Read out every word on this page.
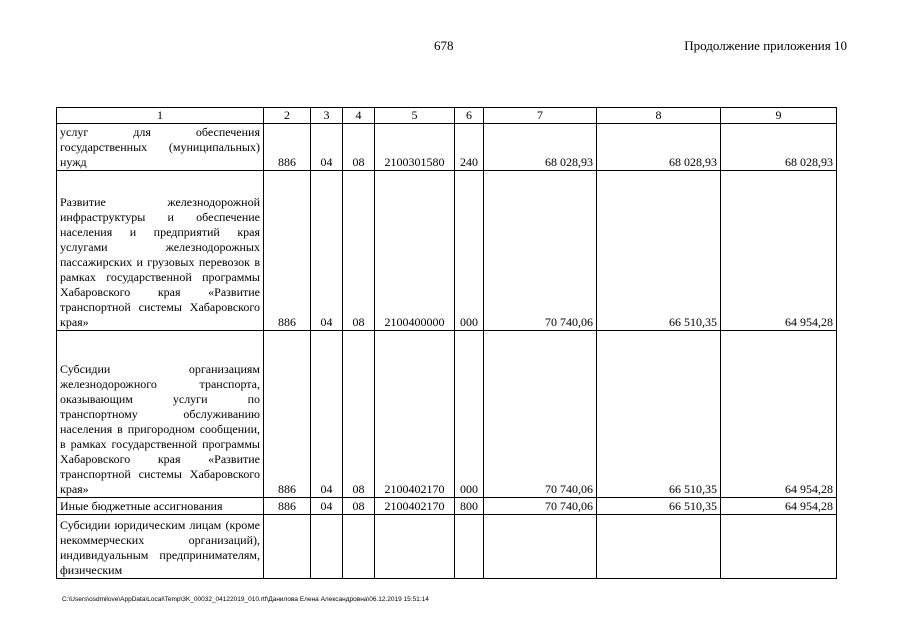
678	Продолжение приложения 10
1	2	3	4	5	6	7	8	9
услуг для обеспечения государственных (муниципальных) нужд	886	04	08	2100301580	240	68 028,93	68 028,93	68 028,93
Развитие железнодорожной инфраструктуры и обеспечение населения и предприятий края услугами железнодорожных пассажирских и грузовых перевозок в рамках государственной программы Хабаровского края «Развитие транспортной системы Хабаровского края»	886	04	08	2100400000	000	70 740,06	66 510,35	64 954,28
Субсидии организациям железнодорожного транспорта, оказывающим услуги по транспортному обслуживанию населения в пригородном сообщении, в рамках государственной программы Хабаровского края «Развитие транспортной системы Хабаровского края»	886	04	08	2100402170	000	70 740,06	66 510,35	64 954,28
Иные бюджетные ассигнования	886	04	08	2100402170	800	70 740,06	66 510,35	64 954,28
Субсидии юридическим лицам (кроме некоммерческих организаций), индивидуальным предпринимателям, физическим								
C:\Users\osdmilove\AppData\Local\Temp\3K_00032_04122019_010.rtf\Данилова Елена Александровна\06.12.2019 15:51:14
